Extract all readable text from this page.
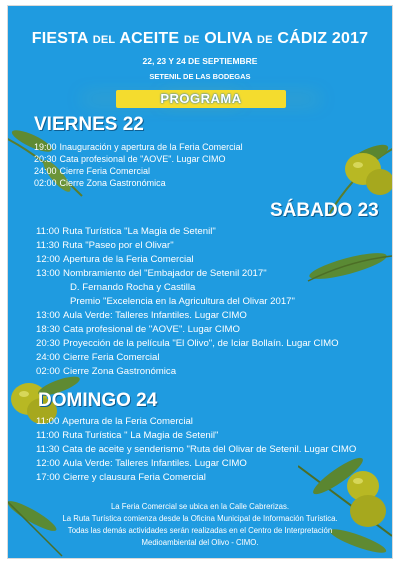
FIESTA DEL ACEITE DE OLIVA DE CÁDIZ 2017
22, 23 Y 24 DE SEPTIEMBRE
SETENIL DE LAS BODEGAS
PROGRAMA
VIERNES 22
19:00 Inauguración y apertura de la Feria Comercial
20:30 Cata profesional de "AOVE". Lugar CIMO
24:00 Cierre Feria Comercial
02:00 Cierre Zona Gastronómica
SÁBADO 23
11:00 Ruta Turística "La Magia de Setenil"
11:30 Ruta "Paseo por el Olivar"
12:00 Apertura de la Feria Comercial
13:00 Nombramiento del "Embajador de Setenil 2017"
D. Fernando Rocha y Castilla
Premio "Excelencia en la Agricultura del Olivar 2017"
13:00 Aula Verde: Talleres Infantiles. Lugar CIMO
18:30 Cata profesional de "AOVE". Lugar CIMO
20:30 Proyección de la película "El Olivo", de Iciar Bollaín. Lugar CIMO
24:00 Cierre Feria Comercial
02:00 Cierre Zona Gastronómica
DOMINGO 24
11:00 Apertura de la Feria Comercial
11:00 Ruta Turística " La Magia de Setenil"
11:30 Cata de aceite y senderismo "Ruta del Olivar de Setenil. Lugar CIMO
12:00 Aula Verde: Talleres Infantiles. Lugar CIMO
17:00 Cierre y clausura Feria Comercial
La Feria Comercial se ubica en la Calle Cabrerizas.
La Ruta Turística comienza desde la Oficina Municipal de Información Turística.
Todas las demás actividades serán realizadas en el Centro de Interpretación
Medioambiental del Olivo - CIMO.
